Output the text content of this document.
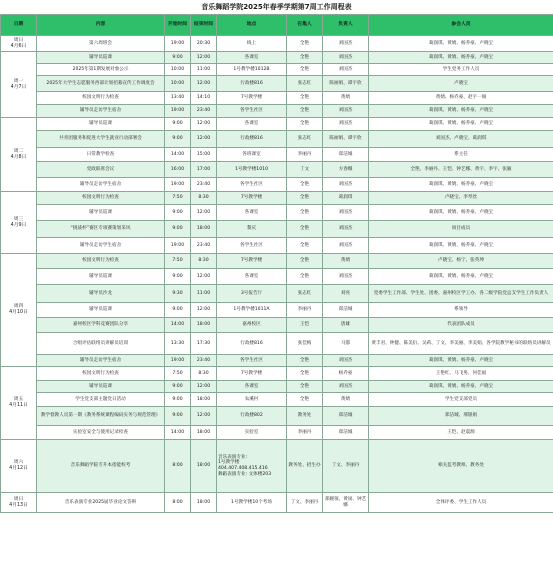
音乐舞蹈学院2025年春季学期第7周工作周程表
日期	内容	开始时间	结束时间	地点	召集人	负责人	参会人员

周日
4月6日	第六周班会	19:00	20:30	线上	全艳	刘国杰	葛润琪、黄婧、杨乔豪、卢晓宝

周一
4月7日	辅导员巡课	9:00	12:00	各课室	全艳	刘国杰	葛润琪、黄婧、杨乔豪、卢晓宝
	2025年第1期发展对象公示	10:00	11:00	1号教学楼1012B	全艳	刘国杰	学生党务工作人员
	2025年大学生志愿服务西部计划招募宣传工作调度会	10:00	12:00	行政楼816	张志红	陈丽娟、谭宇欣	卢晓宝
	校园文明行为检查	13:40	14:10	7号教学楼	全艳	黄婧	黄婧、杨乔豪、赵宇一锡
	辅导员走访学生宿舍	19:00	23:40	各学生社区	全艳	刘国杰	葛润琪、黄婧、杨乔豪、卢晓宝

周二
4月8日	辅导员巡课	9:00	12:00	各课室	全艳	刘国杰	葛润琪、黄婧、杨乔豪、卢晓宝
	共青团服务和促进大学生就业行动部署会	9:00	12:00	行政楼816	张志红	陈丽娟、谭宇欣	刘国杰、卢晓宝、葛润琪
	日常教学检查	14:00	15:00	各班课室	李丽丹	郑洁城	系主任
	党政联席会议	16:00	17:00	1号教学楼1010	丁文	方春娜	全艳、李丽丹、王恺、钟艺娜、黄宇、李宇、张颖
	辅导员走访学生宿舍	19:00	23:40	各学生社区	全艳	刘国杰	葛润琪、黄婧、杨乔豪、卢晓宝

周三
4月9日	校园文明行为检查	7:50	8:30	7号教学楼	全艳	葛润琪	卢晓宝、李琴丝
	辅导员巡课	9:00	12:00	各课室	全艳	刘国杰	葛润琪、黄婧、杨乔豪、卢晓宝
	“挑战杯”赛区专项赛策划采风	9:00	18:00	黎庆	全艳	刘国杰	项目成员
	辅导员走访学生宿舍	19:00	23:40	各学生社区	全艳	刘国杰	葛润琪、黄婧、杨乔豪、卢晓宝

周四
4月10日	校园文明行为检查	7:50	8:30	7号教学楼	全艳	黄婧	卢晓宝、杨宁、张英坤
	辅导员巡课	9:00	12:00	各课室	全艳	刘国杰	葛润琪、黄婧、杨乔豪、卢晓宝
	辅导员沙龙	9:30	11:00	3号报告厅	张志红	刘亮	党委学生工作部、学生处、团委、嘉州校区学工办、各二级学院党总支学生工作负责人
	辅导员巡课	9:00	12:00	1号教学楼1011A	李丽丹	郑洁城	系领导
	嘉州校区学科竞赛团队分享	14:00	18:00	嘉州校区	王恺	唐雄	代表团队成员
	合唱评估联络员讲解员培训	13:30	17:30	行政楼816	张佳梅	马都	黄丰君、钟健、陈美衍、吴莉、丁文、李美丽、李美娟、各学院教学秘书的联络员讲解员
	辅导员走访学生宿舍	19:00	23:40	各学生社区	全艳	刘国杰	葛润琪、黄婧、杨乔豪、卢晓宝

周五
4月11日	校园文明行为检查	7:50	8:30	7号教学楼	全艳	杨乔豪	王艳红、马飞男、何佳福
	辅导员巡课	9:00	12:00	各课室	全艳	刘国杰	葛润琪、黄婧、杨乔豪、卢晓宝
	学生党支部主题党日活动	9:00	18:00	农溪村	全艳	黄婧	学生党支部党员
	教学督教人员第一期《教务系统课程编码实务与规范管理》	9:00	12:00	行政楼802	教务处	郑洁城	郑洁城、邢银娟
	实验室安全与使用记录检查	14:00	18:00	实验室	李丽丹	郑洁城	王恺、赵震源

周六
4月12日	音乐舞蹈学院专升本指能校考	8:00	18:00	音乐表演专业:
1号教学楼
404.407.408.415.416
舞蹈表演专业: 文体楼203	教务处、招生办	丁文、李丽丹	相关监考教师、教务处

周日
4月13日	音乐表演专业2025届毕业论文答辩	8:00	18:00	1号教学楼10个考场	丁文、李丽丹	郑婉领、黄岗、钟艺娜	全体评委、学生工作人员
